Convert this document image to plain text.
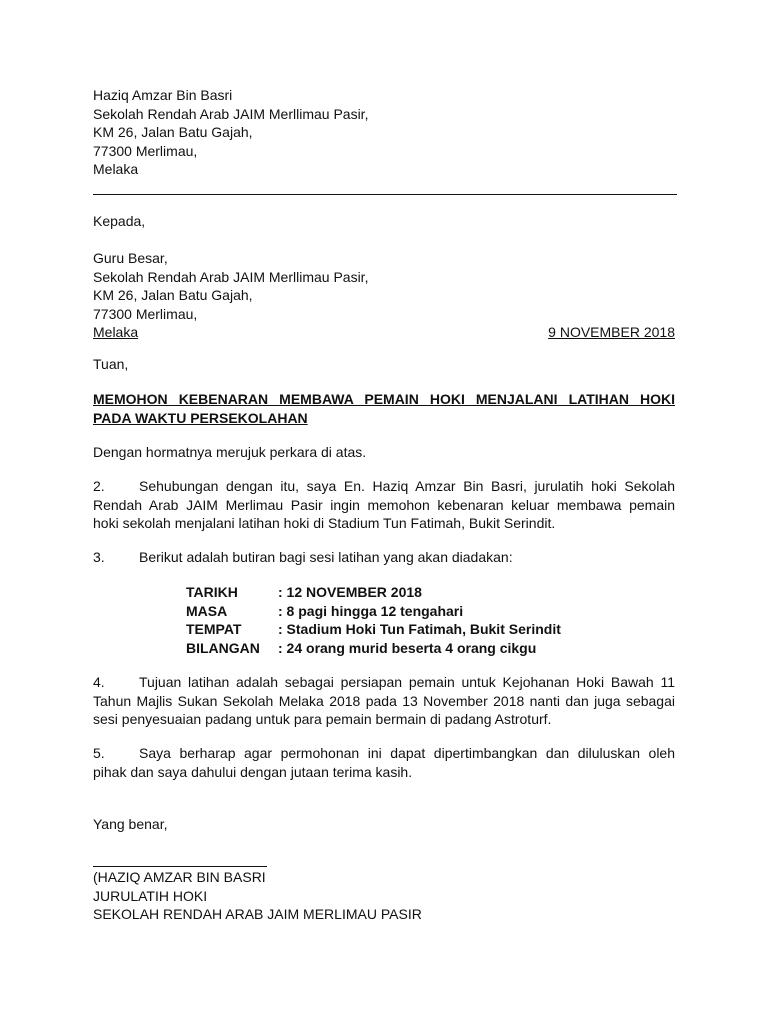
Haziq Amzar Bin Basri
Sekolah Rendah Arab JAIM Merllimau Pasir,
KM 26, Jalan Batu Gajah,
77300 Merlimau,
Melaka
Kepada,
Guru Besar,
Sekolah Rendah Arab JAIM Merllimau Pasir,
KM 26, Jalan Batu Gajah,
77300 Merlimau,
Melaka	9 NOVEMBER 2018
Tuan,
MEMOHON KEBENARAN MEMBAWA PEMAIN HOKI MENJALANI LATIHAN HOKI
PADA WAKTU PERSEKOLAHAN
Dengan hormatnya merujuk perkara di atas.
2. Sehubungan dengan itu, saya En. Haziq Amzar Bin Basri, jurulatih hoki Sekolah
Rendah Arab JAIM Merlimau Pasir ingin memohon kebenaran keluar membawa pemain
hoki sekolah menjalani latihan hoki di Stadium Tun Fatimah, Bukit Serindit.
3. Berikut adalah butiran bagi sesi latihan yang akan diadakan:
TARIKH	: 12 NOVEMBER 2018
MASA	: 8 pagi hingga 12 tengahari
TEMPAT	: Stadium Hoki Tun Fatimah, Bukit Serindit
BILANGAN	: 24 orang murid beserta 4 orang cikgu
4. Tujuan latihan adalah sebagai persiapan pemain untuk Kejohanan Hoki Bawah 11
Tahun Majlis Sukan Sekolah Melaka 2018 pada 13 November 2018 nanti dan juga sebagai
sesi penyesuaian padang untuk para pemain bermain di padang Astroturf.
5. Saya berharap agar permohonan ini dapat dipertimbangkan dan diluluskan oleh
pihak dan saya dahului dengan jutaan terima kasih.
Yang benar,
(HAZIQ AMZAR BIN BASRI
JURULATIH HOKI
SEKOLAH RENDAH ARAB JAIM MERLIMAU PASIR
